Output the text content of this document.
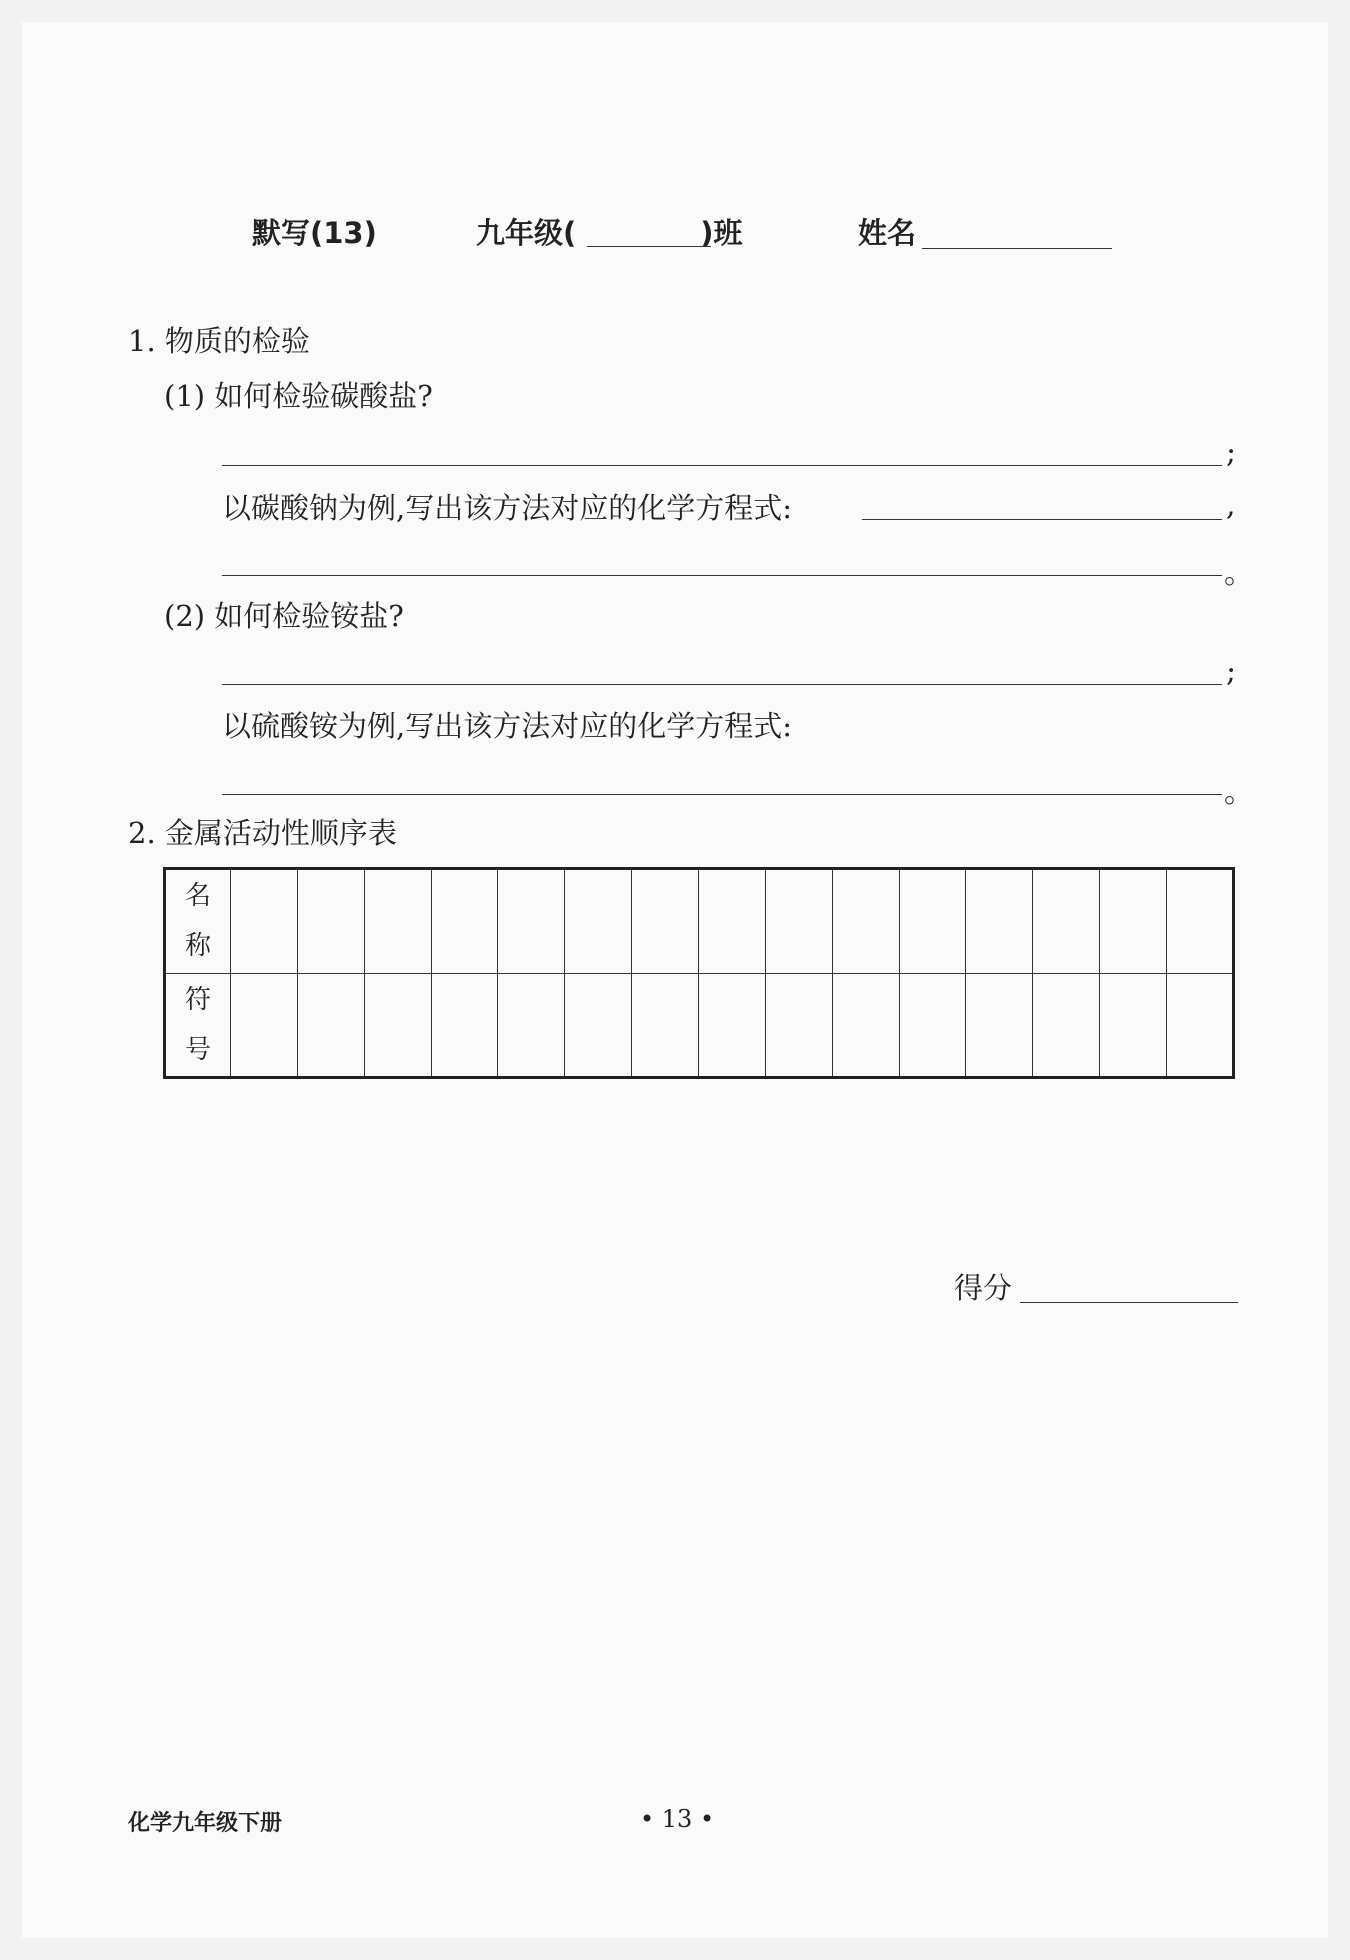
默写(13)	九年级(	)班	姓名
1. 物质的检验
(1) 如何检验碳酸盐?
;
以碳酸钠为例,写出该方法对应的化学方程式:	,
。
(2) 如何检验铵盐?
;
以硫酸铵为例,写出该方法对应的化学方程式:
。
2. 金属活动性顺序表
名
称															

符
号															

得分
化学九年级下册	• 13 •
